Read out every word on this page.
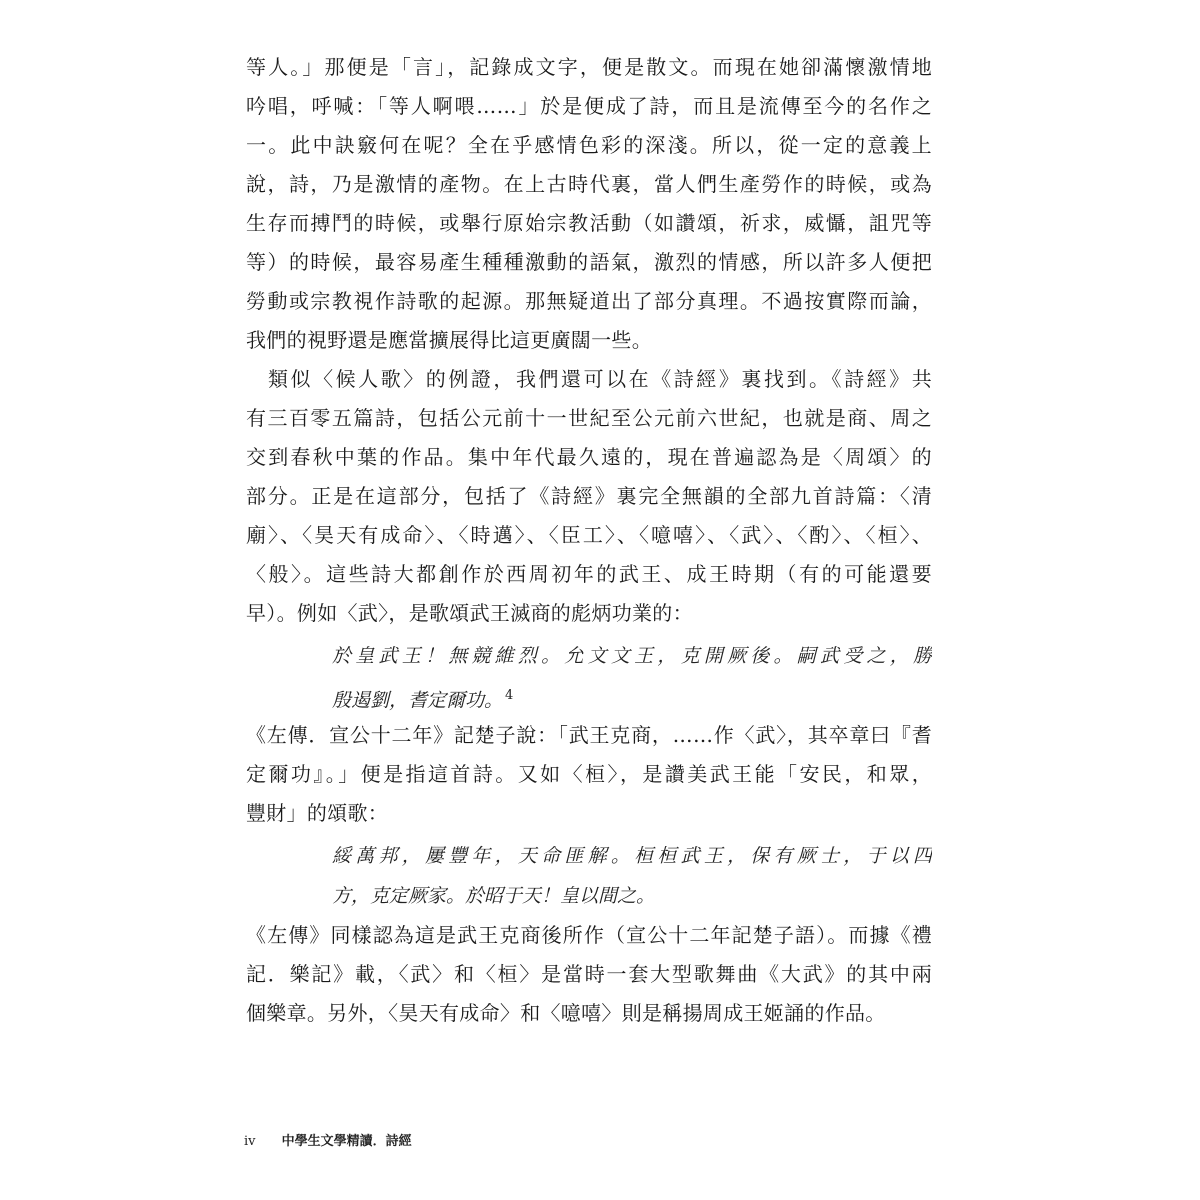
等人。」那便是「言」，記錄成文字，便是散文。而現在她卻滿懷激情地
吟唱，呼喊：「等人啊喂……」於是便成了詩，而且是流傳至今的名作之
一。此中訣竅何在呢？全在乎感情色彩的深淺。所以，從一定的意義上
說，詩，乃是激情的產物。在上古時代裏，當人們生產勞作的時候，或為
生存而搏鬥的時候，或舉行原始宗教活動（如讚頌，祈求，威懾，詛咒等
等）的時候，最容易產生種種激動的語氣，激烈的情感，所以許多人便把
勞動或宗教視作詩歌的起源。那無疑道出了部分真理。不過按實際而論，
我們的視野還是應當擴展得比這更廣闊一些。
類似〈候人歌〉的例證，我們還可以在《詩經》裏找到。《詩經》共
有三百零五篇詩，包括公元前十一世紀至公元前六世紀，也就是商、周之
交到春秋中葉的作品。集中年代最久遠的，現在普遍認為是〈周頌〉的
部分。正是在這部分，包括了《詩經》裏完全無韻的全部九首詩篇：〈清
廟〉、〈昊天有成命〉、〈時邁〉、〈臣工〉、〈噫嘻〉、〈武〉、〈酌〉、〈桓〉、
〈般〉。這些詩大都創作於西周初年的武王、成王時期（有的可能還要
早）。例如〈武〉，是歌頌武王滅商的彪炳功業的：
於皇武王！無競維烈。允文文王，克開厥後。嗣武受之，勝
殷遏劉，耆定爾功。 $^4$
《左傳．宣公十二年》記楚子說：「武王克商，……作〈武〉，其卒章曰『耆
定爾功』。」便是指這首詩。又如〈桓〉，是讚美武王能「安民，和眾，
豐財」的頌歌：
綏萬邦，屢豐年，天命匪解。桓桓武王，保有厥士，于以四
方，克定厥家。於昭于天！皇以間之。
《左傳》同樣認為這是武王克商後所作（宣公十二年記楚子語）。而據《禮
記．樂記》載，〈武〉和〈桓〉是當時一套大型歌舞曲《大武》的其中兩
個樂章。另外，〈昊天有成命〉和〈噫嘻〉則是稱揚周成王姬誦的作品。
iv 中學生文學精讀．詩經
